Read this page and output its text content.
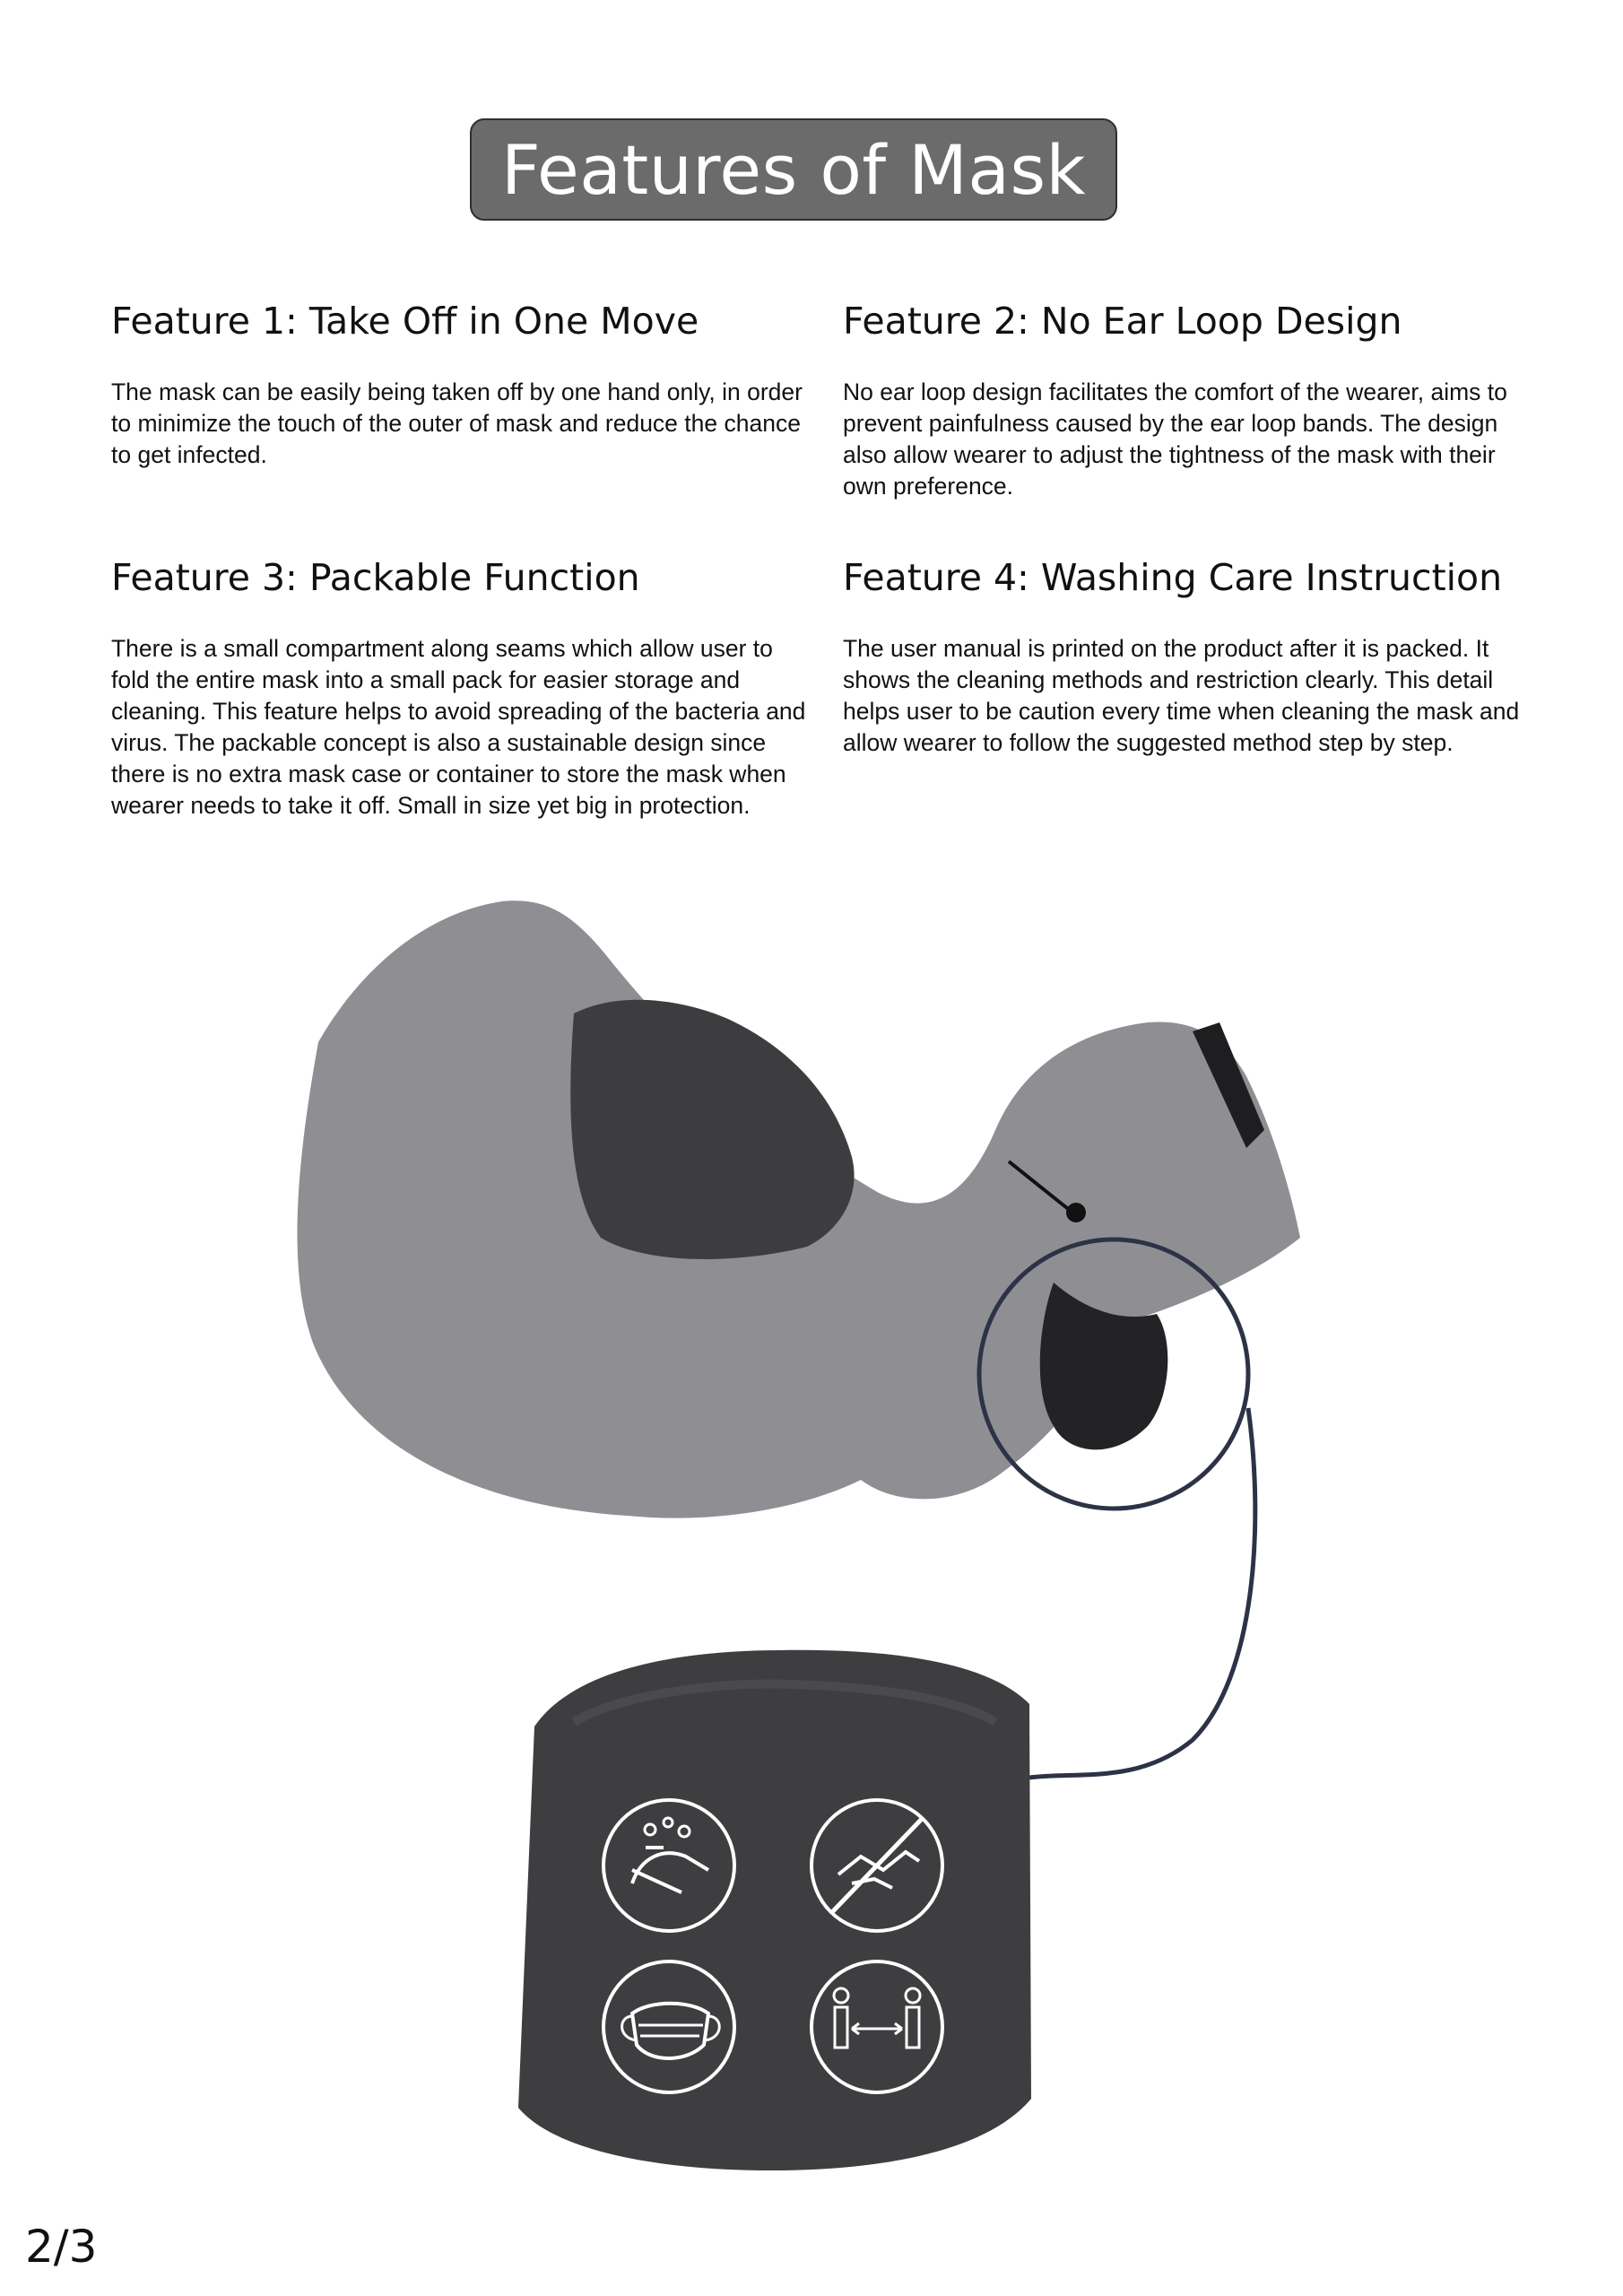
Features of Mask
Feature 1: Take Off in One Move

The mask can be easily being taken off by one hand only, in order to minimize the touch of the outer of mask and reduce the chance to get infected.

Feature 2: No Ear Loop Design

No ear loop design facilitates the comfort of the wearer, aims to prevent painfulness caused by the ear loop bands. The design also allow wearer to adjust the tightness of the mask with their own preference.

Feature 3: Packable Function

There is a small compartment along seams which allow user to fold the entire mask into a small pack for easier storage and cleaning. This feature helps to avoid spreading of the bacteria and virus. The packable concept is also a sustainable design since there is no extra mask case or container to store the mask when wearer needs to take it off. Small in size yet big in protection.

Feature 4: Washing Care Instruction

The user manual is printed on the product after it is packed. It shows the cleaning methods and restriction clearly. This detail helps user to be caution every time when cleaning the mask and allow wearer to follow the suggested method step by step.

2/3
